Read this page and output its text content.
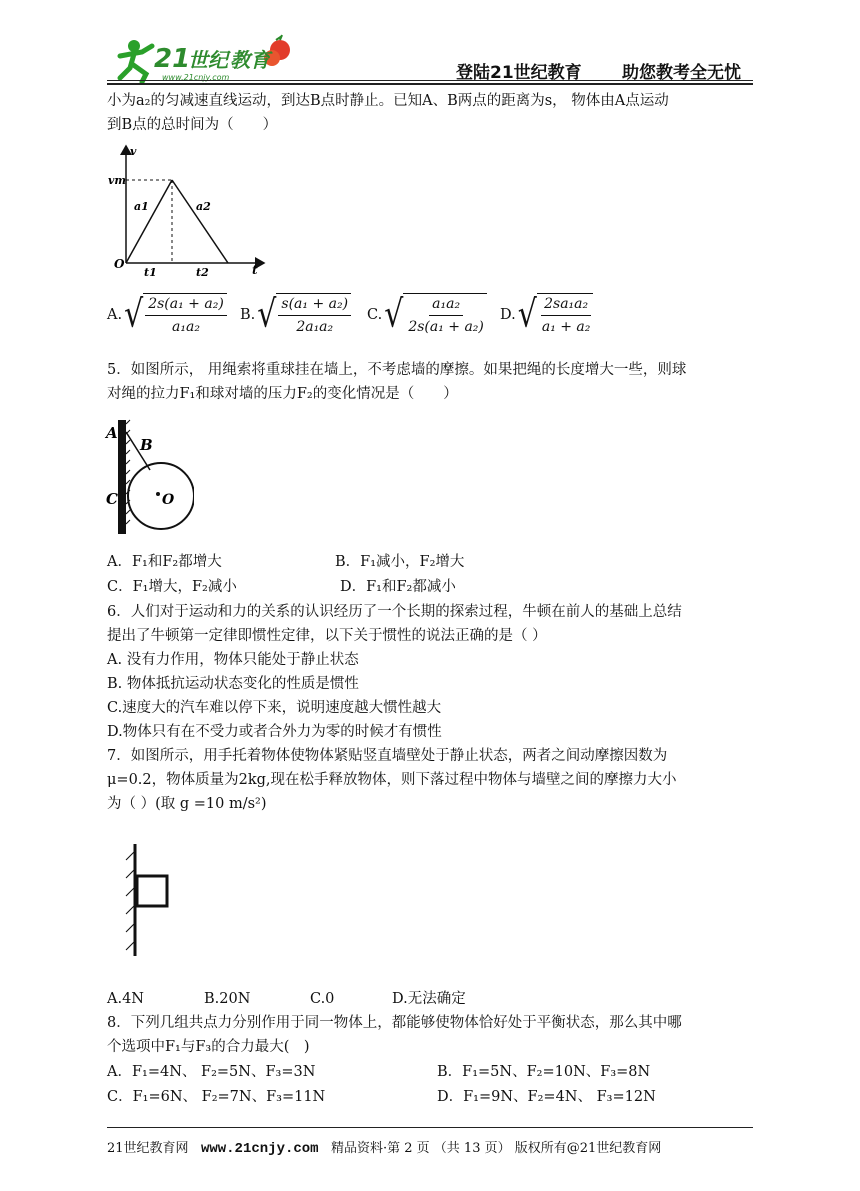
21
世纪 教 育
www.21cnjy.com	登陆21世纪教育 助您教考全无忧
小为a₂的匀减速直线运动，到达B点时静止。已知A、B两点的距离为s， 物体由A点运动
到B点的总时间为（　　）
v
vm
a1	a2
O
t1	t2	t
A. √ $\frac{\text{2s(a₁ + a₂)}}{\text{a₁a₂}} B$. √ $\frac{\text{s(a₁ + a₂)}}{\text{2a₁a₂}} C$. √ $\frac{\text{a₁a₂}}{\text{2s(a₁ + a₂)}} D$. √ $\frac{\text{2sa₁a₂}}{\text{a₁ + a₂}}$
5．如图所示， 用绳索将重球挂在墙上，不考虑墙的摩擦。如果把绳的长度增大一些，则球
对绳的拉力F₁和球对墙的压力F₂的变化情况是（　　）
A
B
C	O
A．F₁和F₂都增大	B．F₁减小，F₂增大
C．F₁增大，F₂减小	D．F₁和F₂都减小
6．人们对于运动和力的关系的认识经历了一个长期的探索过程，牛顿在前人的基础上总结
提出了牛顿第一定律即惯性定律，以下关于惯性的说法正确的是（ ）
A. 没有力作用，物体只能处于静止状态
B. 物体抵抗运动状态变化的性质是惯性
C.速度大的汽车难以停下来，说明速度越大惯性越大
D.物体只有在不受力或者合外力为零的时候才有惯性
7．如图所示，用手托着物体使物体紧贴竖直墙壁处于静止状态，两者之间动摩擦因数为
μ=0.2，物体质量为2kg,现在松手释放物体，则下落过程中物体与墙壁之间的摩擦力大小
为（ ）(取 g =10 m/s²)
A.4N	B.20N	C.0	D.无法确定
8．下列几组共点力分别作用于同一物体上，都能够使物体恰好处于平衡状态，那么其中哪
个选项中F₁与F₃的合力最大(　)
A．F₁=4N、 F₂=5N、F₃=3N	B．F₁=5N、F₂=10N、F₃=8N
C．F₁=6N、 F₂=7N、F₃=11N	D．F₁=9N、F₂=4N、 F₃=12N
21世纪教育网 www.21cnjy.com 精品资料·第 2 页 （共 13 页） 版权所有@21世纪教育网
